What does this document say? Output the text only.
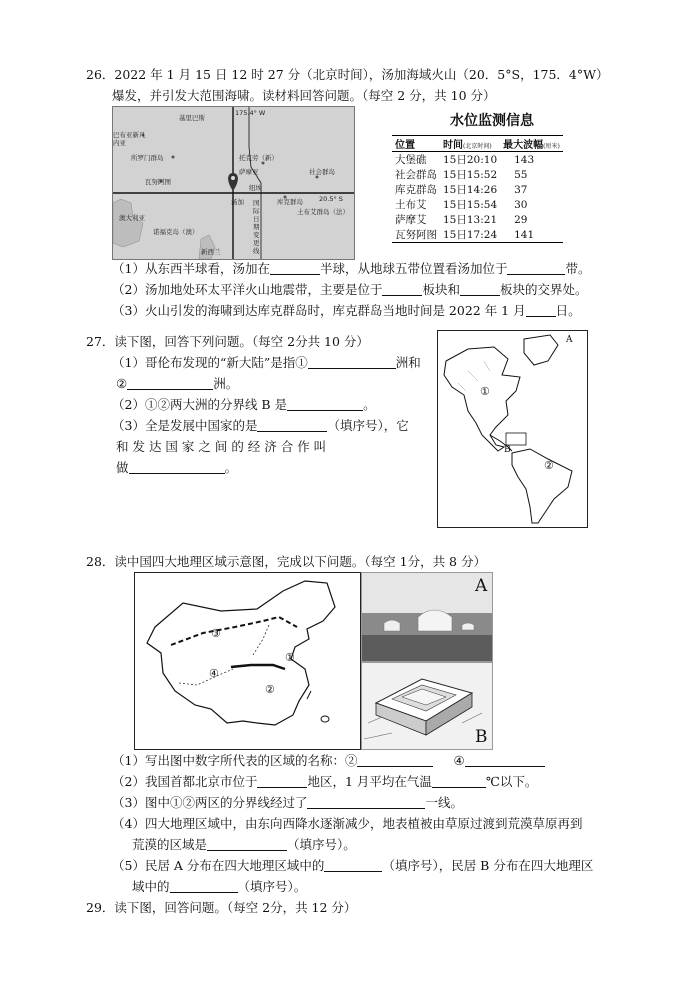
26．2022 年 1 月 15 日 12 时 27 分（北京时间），汤加海域火山（20．5°S，175．4°W）
爆发，并引发大范围海啸。读材料回答问题。（每空 2 分，共 10 分）
175.4° W
基里巴斯
巴布亚新几内亚
所罗门群岛
瓦努阿图
汤加
萨摩亚
托克劳（新）
纽埃
社会群岛
库克群岛 20.5° S
土布艾群岛（法）
澳大利亚
诺福克岛（澳）
新西兰
国际日期变更线
水位监测信息
位置	时间(北京时间)	最大波幅(厘米)
大堡礁	15日20:10	143
社会群岛	15日15:52	55
库克群岛	15日14:26	37
土布艾	15日15:54	30
萨摩艾	15日13:21	29
瓦努阿图	15日17:24	141
（1）从东西半球看，汤加在	半球，从地球五带位置看汤加位于	带。
（2）汤加地处环太平洋火山地震带，主要是位于	板块和	板块的交界处。
（3）火山引发的海啸到达库克群岛时，库克群岛当地时间是 2022 年 1 月 日。
27．读下图，回答下列问题。（每空 2分共 10 分）
（1）哥伦布发现的“新大陆”是指①	洲和
②	洲。
（2）①②两大洲的分界线 B 是	。
（3）全是发展中国家的是	（填序号），它
和 发 达 国 家 之 间 的 经 济 合 作 叫
做	。
A
B
①
②
28．读中国四大地理区域示意图，完成以下问题。（每空 1分，共 8 分）
①
②
③
④
A
B
（1）写出图中数字所代表的区域的名称：②	④
（2）我国首都北京市位于	地区，1 月平均在气温	℃以下。
（3）图中①②两区的分界线经过了	一线。
（4）四大地理区域中，由东向西降水逐渐减少，地表植被由草原过渡到荒漠草原再到
荒漠的区域是	（填序号）。
（5）民居 A 分布在四大地理区域中的	（填序号），民居 B 分布在四大地理区
域中的	（填序号）。
29．读下图，回答问题。（每空 2分，共 12 分）
